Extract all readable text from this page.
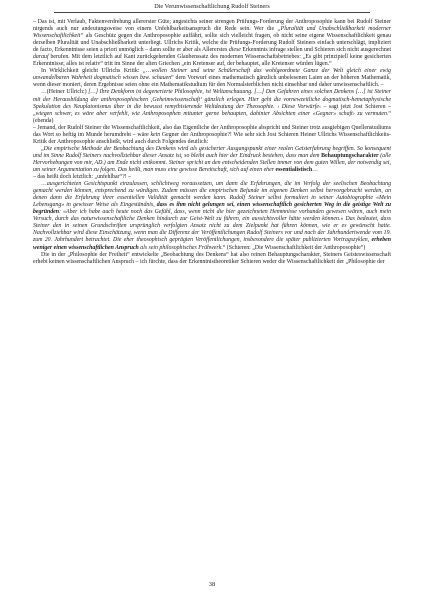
Die Verunwissenschaftlichung Rudolf Steiners

– Das ist, mit Verlaub, Faktenverdrehung allererster Güte; angesichts seiner strengen Prüfungs-Forderung der Anthroposophie kann bei Rudolf Steiner nirgends auch nur andeutungsweise von einem Unfehlbarkeitsanspruch die Rede sein. Wer die „Pluralität und Unabschließbarkeit moderner Wissenschaftlichkeit“ als Geschütz gegen die Anthroposophie auffährt, sollte sich vielleicht fragen, ob nicht seine eigene Wissenschaftlichkeit genau derselben Pluralität und Unabschließbarkeit unterliegt. Ullrichs Kritik, welche die Prüfungs-Forderung Rudolf Steiners einfach unterschlägt, impliziert de facto, Erkenntnisse seien a priori unmöglich – dann sollte er aber als Allererstes diese Erkenntnis infrage stellen und Schieren sich nicht ausgerechnet darauf berufen. Mit dem letztlich auf Kant zurückgehenden Glaubenssatz des modernen Wissenschaftsbetriebes: „Es gibt prinzipiell keine gesicherten Erkenntnisse; alles ist relativ“ tritt im Sinne der alten Griechen „ein Kretenser auf, der behauptet, alle Kretenser würden lügen.“

In Wirklichkeit gleicht Ullrichs Kritik: „…wollen Steiner und seine Schülerschaft das wohlgeordnete Ganze der Welt gleich einer ewig unwandelbaren Wahrheit dogmatisch wissen bzw. schauen“ dem Vorwurf eines mathematisch gänzlich unbelesenen Laien an der höheren Mathematik, wenn dieser moniert, deren Ergebnisse seien ohne ein Mathematikstudium für den Normalsterblichen nicht einsehbar und daher unwissenschaftlich. –

…(Heiner Ullrich:) […] Ihre Denkform ist degenerierte Philosophie, ist Weltanschauung. […] Den Gefahren eines solchen Denkens […] ist Steiner mit der Herausbildung der anthroposophischen ‚Geheimwissenschaft‘ gänzlich erlegen. Hier geht die vornewzeitliche dogmatisch-hemetaphysische Spekulation des Neuplatonismus über in die bewusst remythisierende Weltdeutung der Theosophie. › Diese Vorwürfe‹ – sagt jetzt Jost Schieren – „wiegen schwer, es wäre aber verfehlt, wie Anthroposophen mitunter gerne behaupten, dahinter Absichten einer «Gegner» schaft› zu vermuten.“ (ebenda)

– Jemand, der Rudolf Steiner die Wissenschaftlichkeit, also das Eigentliche der Anthroposophie abspricht und Steiner trotz ausgiebigen Quellenstudiums das Wort so heftig im Munde herumdreht – wäre kein Gegner der Anthroposophie?! Wie sehr sich Jost Schieren Heiner Ullrichs Wissenschaftlichkeits-Kritik der Anthroposophie anschließt, wird auch durch Folgendes deutlich:

„Die empirische Methode der Beobachtung des Denkens wird als gesicherter Ausgangspunkt einer realen Geisterfahrung begriffen. So konsequent und im Sinne Rudolf Steiners nachvollziehbar dieser Ansatz ist, so bleibt auch hier der Eindruck bestehen, dass man dem Behauptungscharakter (alle Hervorhebungen von mir, AD.) am Ende nicht entkommt. Steiner spricht an den entscheidenden Stellen immer von dem guten Willen, der notwendig sei, um seiner Argumentation zu folgen. Das heißt, man muss eine gewisse Bereitschaft, sich auf einen eher essentialistisch…

– das heißt doch letztlich: „unfehlbar“?! –

…ausgerichteten Gesichtspunkt einzulassen, schlichtweg voraussetzen, um dann die Erfahrungen, die im Verfolg der seelischen Beobachtung gemacht werden können, entsprechend zu würdigen. Zudem müssen die empirischen Befunde im eigenen Denken selbst hervorgebracht werden, an denen dann die Erfahrung ihrer essentiellen Validität gemacht werden kann. Rudolf Steiner selbst formuliert in seiner Autobiographie «Mein Lebensgang» in gewisser Weise als Eingeständnis, dass es ihm nicht gelungen sei, einen wissenschaftlich gesicherten Weg in die geistige Welt zu begründen: «Aber ich habe auch heute noch das Gefühl, dass, wenn nicht die hier gezeichneten Hemmnisse vorhanden gewesen wären, auch mein Versuch, durch das naturwissenschaftliche Denken hindurch zur Geist-Welt zu führen, ein aussichtsvoller hätte werden können.» Das bedeutet, dass Steiner den in seinen Grundschriften ursprünglich verfolgten Ansatz nicht zu dem Zielpunkt hat führen können, wie er es gewünscht hatte. Nachvollziehbar wird diese Einschätzung, wenn man die Differenz der Veröffentlichungen Rudolf Steiners vor und nach der Jahrhundertwende vom 19. zum 20. Jahrhundert betrachtet. Die eher theosophisch geprägten Veröffentlichungen, insbesondere die später publizierten Vortragszyklen, erheben weniger einen wissenschaftlichen Anspruch als sein philosophisches Frühwerk.“ (Schieren: „Die Wissenschaftlichkeit der Anthroposophie“)

Die in der „Philosophie der Freiheit“ entwickelte „Beobachtung des Denkens“ hat also reinen Behauptungscharakter, Steiners Geisteswissenschaft erhebt keinen wissenschaftlichen Anspruch – ich fürchte, dass der Erkenntnistheoretiker Schieren weder die Wissenschaftlichkeit der „Philosophie der

38
